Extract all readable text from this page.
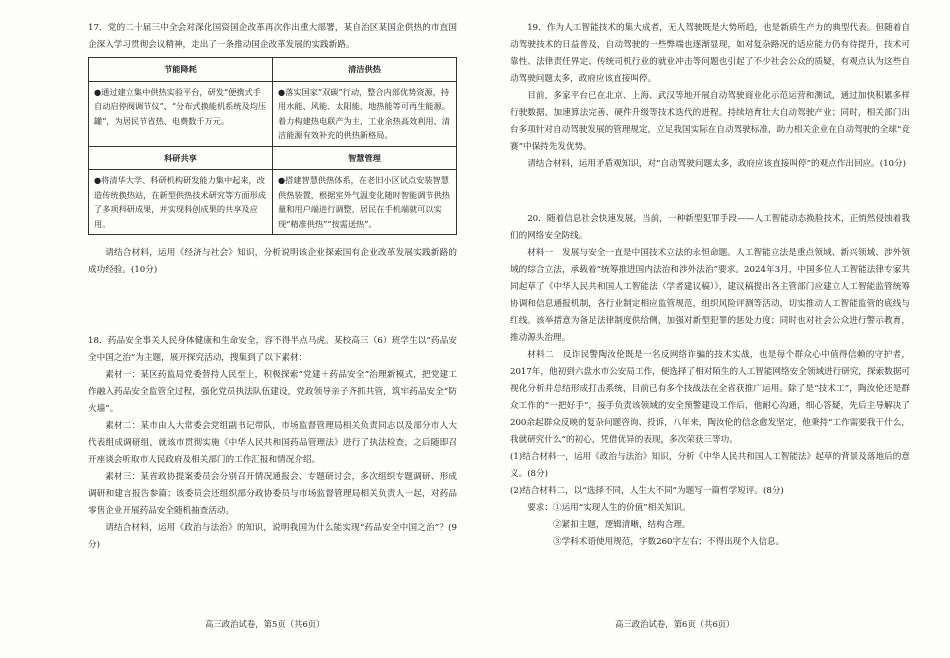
17．党的二十届三中全会对深化国资国企改革再次作出重大部署，某自治区某国企供热的市直国企深入学习贯彻会议精神，走出了一条推动国企改革发展的实践新路。

节能降耗	清洁供热
●通过建立集中供热实验平台，研发“便携式手自动启停阀调节仪”、“分布式换能机系统及均压罐”，为居民节省热、电费数千万元。	●落实国家“双碳”行动，整合内部优势资源，持用水能、风能、太阳能、地热能等可再生能源。着力构建热电联产为主，工业余热高效利用、清洁能源有效补充的供热新格局。
科研共享	智慧管理
●将清华大学、科研机构研发能力集中起来，改造传统换热站，在新型供热技术研究等方面形成了多项科研成果，并实现科创成果的共享及应用。	●搭建智慧供热体系，在老旧小区试点安装智慧供热装置，根据室外气温变化随时智能调节供热量和用户端进行调整，居民在手机端就可以实现“精准供热”“按需送热”。

请结合材料，运用《经济与社会》知识，分析说明该企业探索国有企业改革发展实践新路的成功经验。(10分)

18．药品安全事关人民身体健康和生命安全，容不得半点马虎。某校高三（6）班学生以“药品安全中国之治”为主题，展开探究活动，搜集到了以下素材：

素材一：某区药监局党委替持人民至上，积极探索“党建＋药品安全”治理新模式，把党建工作融入药品安全监管全过程，强化党员执法队伍建设，党政领导亲子齐抓共管，筑牢药品安全“防火墙”。

素材二：某市由人大常委会党组副书记带队，市场监督管理局相关负责同志以及部分市人大代表组成调研组，就该市贯彻实施《中华人民共和国药品管理法》进行了执法检查，之后随即召开座谈会听取市人民政府及相关部门的工作汇报和情况介绍。

素材三：某省政协提案委员会分别召开情况通报会、专题研讨会，多次组织专题调研、形成调研和建言报告参篇；该委员会还组织部分政协委员与市场监督管理局相关负责人一起，对药品零售企业开展药品安全随机抽查活动。

请结合材料，运用《政治与法治》的知识，说明我国为什么能实现“药品安全中国之治”？(9分)

高三政治试卷，第5页（共6页）

19．作为人工智能技术的集大成者，无人驾驶既是大势所趋，也是新质生产力的典型代表。但随着自动驾驶技术的日益普及，自动驾驶的一些弊端也逐渐显现，如对复杂路况的适应能力仍有待提升，技术可靠性、法律责任界定、传统司机行业的就业冲击等问题也引起了不少社会公众的质疑，有观点认为这些自动驾驶问题太多，政府应该直接叫停。

目前，多家平台已在北京、上海、武汉等地开展自动驾驶商业化示范运营和测试，通过加快积累多样行驶数据，加速算法完善、硬件升级等技术迭代的进程。持续培育壮大自动驾驶产业；同时，相关部门出台多项针对自动驾驶发展的管理规定，立足我国实际在自动驾驶标准，助力相关企业在自动驾驶的全球“竞赛”中保持先发优势。

请结合材料，运用矛盾观知识，对“自动驾驶问题太多，政府应该直接叫停”的观点作出回应。(10分)

20．随着信息社会快速发展，当前，一种新型犯罪手段——人工智能动态换脸技术，正悄然侵蚀着我们的网络安全防线。

材料一　发展与安全一直是中国技术立法的永恒命题。人工智能立法是重点领域、新兴领域、涉外领域的综合立法，承载着“统筹推进国内法治和涉外法治”要求。2024年3月，中国多位人工智能法律专家共同起草了《中华人民共和国人工智能法（学者建议稿）》，建议稿提出各主管部门应建立人工智能监管统筹协调和信息通报机制，各行业制定相应监管规范，组织风险评测等活动，切实推动人工智能监管的底线与红线。该举措意为备足法律制度供给侧，加强对新型犯罪的惩处力度；同时也对社会公众进行警示教育，推动源头治理。

材料二　反诈民警陶汝伦既是一名反网络诈骗的技术实战，也是每个群众心中值得信赖的守护者，2017年，他初到六盘水市公安局工作，便选择了相对陌生的人工智能网络安全领域进行研究，探索数据可视化分析并总结形成打击系统，目前已有多个技战法在全省获推广运用。除了是“技术工”，陶汝伦还是群众工作的“一把好手”，接手负责该领域的安全预警建设工作后，他耐心沟通，细心答疑，先后主导解决了200余起群众反映的复杂问题咨询、投诉，八年来，陶汝伦的信念愈发坚定，他秉持“工作需要我干什么，我就研究什么”的初心，凭借优异的表现，多次荣获三等功。

(1)结合材料一，运用《政治与法治》知识，分析《中华人民共和国人工智能法》起草的背景及落地后的意义。(8分)

(2)结合材料二，以“选择不同，人生大不同”为题写一篇哲学短评。(8分)

要求：①运用“实现人生的价值”相关知识。

②紧扣主题，逻辑清晰，结构合理。

③学科术语使用规范，字数260字左右；不得出现个人信息。

高三政治试卷，第6页（共6页）
